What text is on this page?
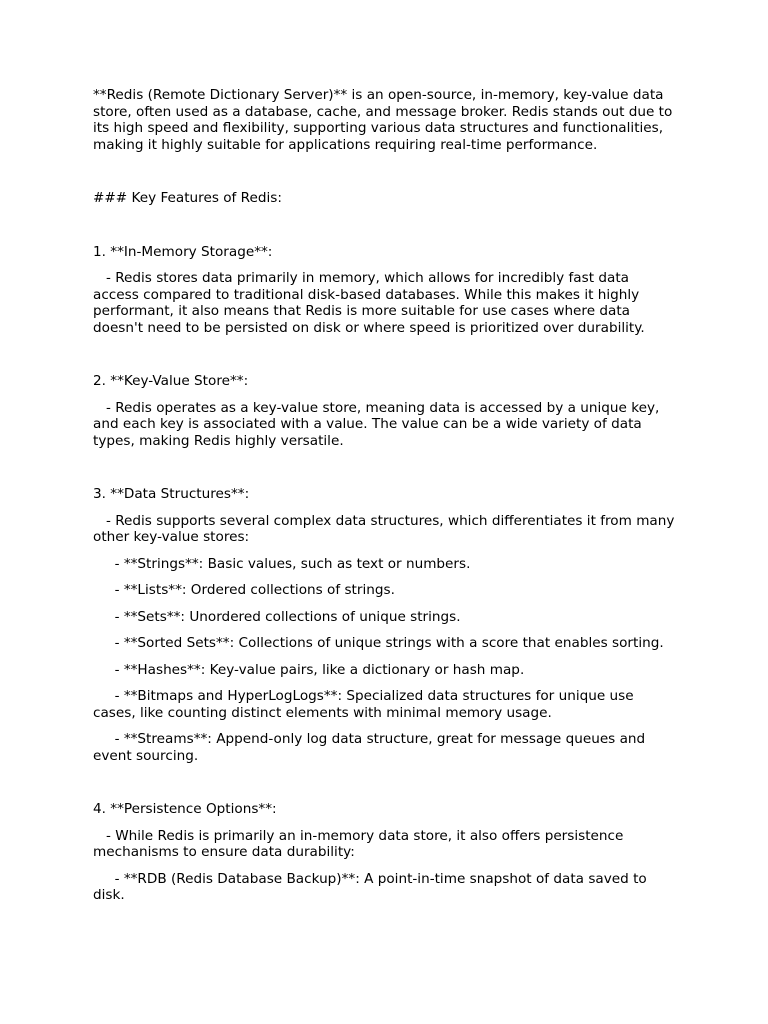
**Redis (Remote Dictionary Server)** is an open-source, in-memory, key-value data store, often used as a database, cache, and message broker. Redis stands out due to its high speed and flexibility, supporting various data structures and functionalities, making it highly suitable for applications requiring real-time performance.

### Key Features of Redis:

1. **In-Memory Storage**:

- Redis stores data primarily in memory, which allows for incredibly fast data access compared to traditional disk-based databases. While this makes it highly performant, it also means that Redis is more suitable for use cases where data doesn't need to be persisted on disk or where speed is prioritized over durability.

2. **Key-Value Store**:

- Redis operates as a key-value store, meaning data is accessed by a unique key, and each key is associated with a value. The value can be a wide variety of data types, making Redis highly versatile.

3. **Data Structures**:

- Redis supports several complex data structures, which differentiates it from many other key-value stores:

- **Strings**: Basic values, such as text or numbers.

- **Lists**: Ordered collections of strings.

- **Sets**: Unordered collections of unique strings.

- **Sorted Sets**: Collections of unique strings with a score that enables sorting.

- **Hashes**: Key-value pairs, like a dictionary or hash map.

- **Bitmaps and HyperLogLogs**: Specialized data structures for unique use cases, like counting distinct elements with minimal memory usage.

- **Streams**: Append-only log data structure, great for message queues and event sourcing.

4. **Persistence Options**:

- While Redis is primarily an in-memory data store, it also offers persistence mechanisms to ensure data durability:

- **RDB (Redis Database Backup)**: A point-in-time snapshot of data saved to disk.
